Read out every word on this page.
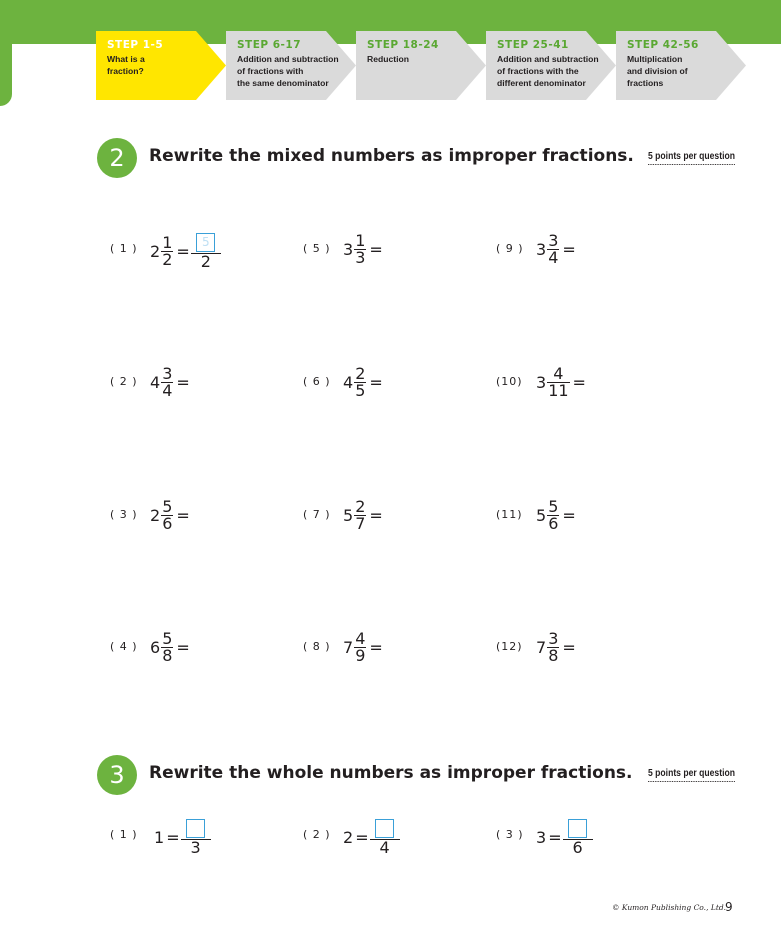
STEP 1-5
What is a
fraction?
STEP 6-17
Addition and subtraction
of fractions with
the same denominator
STEP 18-24
Reduction
STEP 25-41
Addition and subtraction
of fractions with the
different denominator
STEP 42-56
Multiplication
and division of
fractions
2	Rewrite the mixed numbers as improper fractions. 5 points per question
( 1 ) $2 \frac{1}{2} = \frac{5}{2}$
( 2 ) $4 \frac{3}{4}$ =
( 3 ) $2 \frac{5}{6}$ =
( 4 ) $6 \frac{5}{8}$ =
( 5 ) $3 \frac{1}{3}$ =
( 6 ) $4 \frac{2}{5}$ =
( 7 ) $5 \frac{2}{7}$ =
( 8 ) $7 \frac{4}{9}$ =
( 9 ) $3 \frac{3}{4}$ =
(10) $3 \frac{4}{11}$ =
(11) $5 \frac{5}{6}$ =
(12) $7 \frac{3}{8}$ =
3	Rewrite the whole numbers as improper fractions. 5 points per question
( 1 ) 1 =
3
( 2 ) 2 =
4
( 3 ) 3 =
6
© Kumon Publishing Co., Ltd.
9
